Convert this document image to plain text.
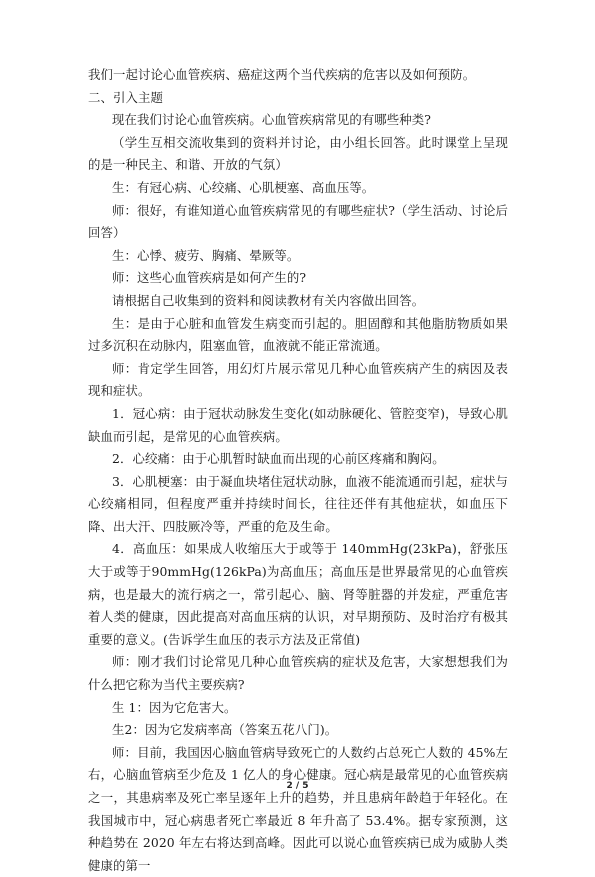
我们一起讨论心血管疾病、癌症这两个当代疾病的危害以及如何预防。

二、引入主题

现在我们讨论心血管疾病。心血管疾病常见的有哪些种类?

（学生互相交流收集到的资料并讨论，由小组长回答。此时课堂上呈现的是一种民主、和谐、开放的气氛）

生：有冠心病、心绞痛、心肌梗塞、高血压等。

师：很好，有谁知道心血管疾病常见的有哪些症状?（学生活动、讨论后回答）

生：心悸、疲劳、胸痛、晕厥等。

师：这些心血管疾病是如何产生的?

请根据自己收集到的资料和阅读教材有关内容做出回答。

生：是由于心脏和血管发生病变而引起的。胆固醇和其他脂肪物质如果过多沉积在动脉内，阻塞血管，血液就不能正常流通。

师：肯定学生回答，用幻灯片展示常见几种心血管疾病产生的病因及表现和症状。

1．冠心病：由于冠状动脉发生变化(如动脉硬化、管腔变窄)，导致心肌缺血而引起，是常见的心血管疾病。

2．心绞痛：由于心肌暂时缺血而出现的心前区疼痛和胸闷。

3．心肌梗塞：由于凝血块堵住冠状动脉，血液不能流通而引起，症状与心绞痛相同，但程度严重并持续时间长，往往还伴有其他症状，如血压下降、出大汗、四肢厥冷等，严重的危及生命。

4．高血压：如果成人收缩压大于或等于 140mmHg(23kPa)，舒张压大于或等于90mmHg(126kPa)为高血压；高血压是世界最常见的心血管疾病，也是最大的流行病之一，常引起心、脑、肾等脏器的并发症，严重危害着人类的健康，因此提高对高血压病的认识，对早期预防、及时治疗有极其重要的意义。(告诉学生血压的表示方法及正常值)

师：刚才我们讨论常见几种心血管疾病的症状及危害，大家想想我们为什么把它称为当代主要疾病?

生 1：因为它危害大。

生2：因为它发病率高（答案五花八门)。

师：目前，我国因心脑血管病导致死亡的人数约占总死亡人数的 45%左右，心脑血管病至少危及 1 亿人的身心健康。冠心病是最常见的心血管疾病之一，其患病率及死亡率呈逐年上升的趋势，并且患病年龄趋于年轻化。在我国城市中，冠心病患者死亡率最近 8 年升高了 53.4%。据专家预测，这种趋势在 2020 年左右将达到高峰。因此可以说心血管疾病已成为威胁人类健康的第一

2 / 5
